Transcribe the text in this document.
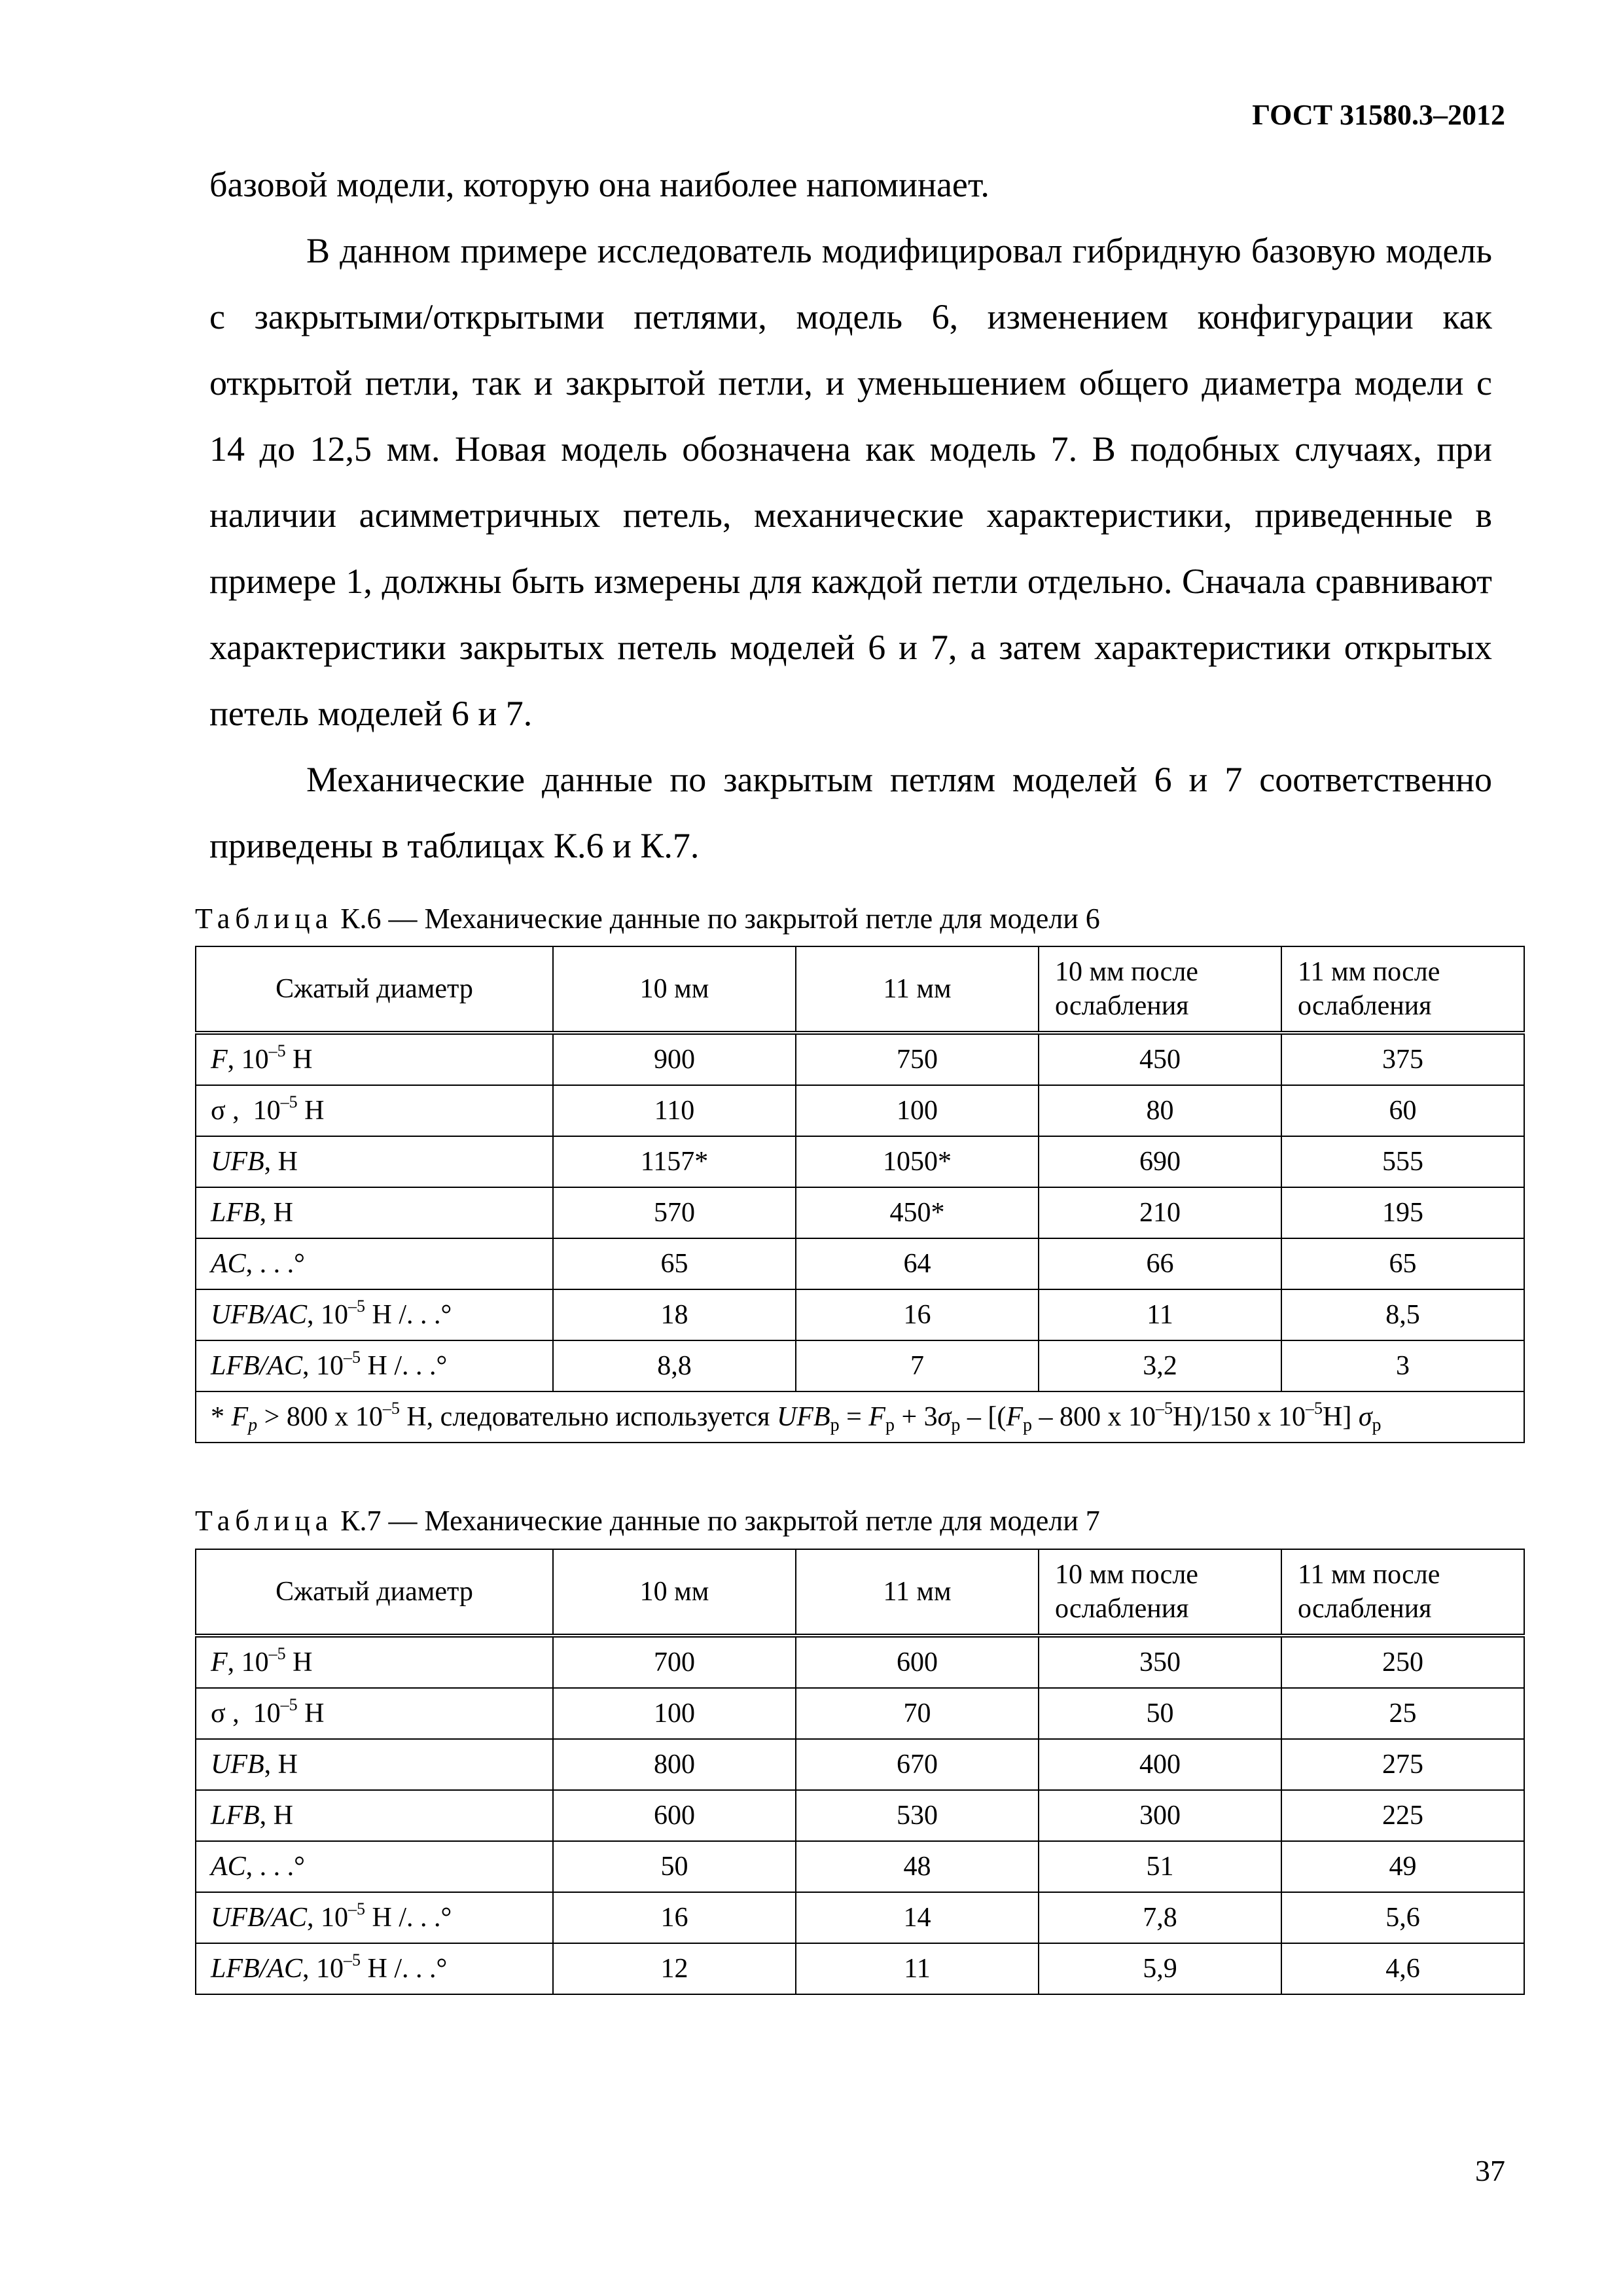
ГОСТ 31580.3–2012

базовой модели, которую она наиболее напоминает.

В данном примере исследователь модифицировал гибридную базовую модель с закрытыми/открытыми петлями, модель 6, изменением конфигурации как открытой петли, так и закрытой петли, и уменьшением общего диаметра модели с 14 до 12,5 мм. Новая модель обозначена как модель 7. В подобных случаях, при наличии асимметричных петель, механические характеристики, приведенные в примере 1, должны быть измерены для каждой петли отдельно. Сначала сравнивают характеристики закрытых петель моделей 6 и 7, а затем характеристики открытых петель моделей 6 и 7.

Механические данные по закрытым петлям моделей 6 и 7 соответственно приведены в таблицах К.6 и К.7.

Таблица К.6 — Механические данные по закрытой петле для модели 6
Сжатый диаметр	10 мм	11 мм	10 мм после ослабления	11 мм после ослабления
F, $10^{-5}$ H	900	750	450	375
σ ,  $10^{-5}$ H	110	100	80	60
UFB, H	1157*	1050*	690	555
LFB, H	570	450*	210	195
AC, . . .°	65	64	66	65
UFB/AC, $10^{-5}$ H /. . .°	18	16	11	8,5
LFB/AC, $10^{-5}$ H /. . .°	8,8	7	3,2	3
* $F_p > 800$ x $10^{-5}$ H, следовательно используется $UFB_p = F_p + 3\sigma_p - [(F_p - 800$ x $10^{-5}H)/150$ x $10^{-5}H$] $\sigma_p$
Таблица К.7 — Механические данные по закрытой петле для модели 7
Сжатый диаметр	10 мм	11 мм	10 мм после ослабления	11 мм после ослабления
F, $10^{-5}$ H	700	600	350	250
σ ,  $10^{-5}$ H	100	70	50	25
UFB, H	800	670	400	275
LFB, H	600	530	300	225
AC, . . .°	50	48	51	49
UFB/AC, $10^{-5}$ H /. . .°	16	14	7,8	5,6
LFB/AC, $10^{-5}$ H /. . .°	12	11	5,9	4,6
37
